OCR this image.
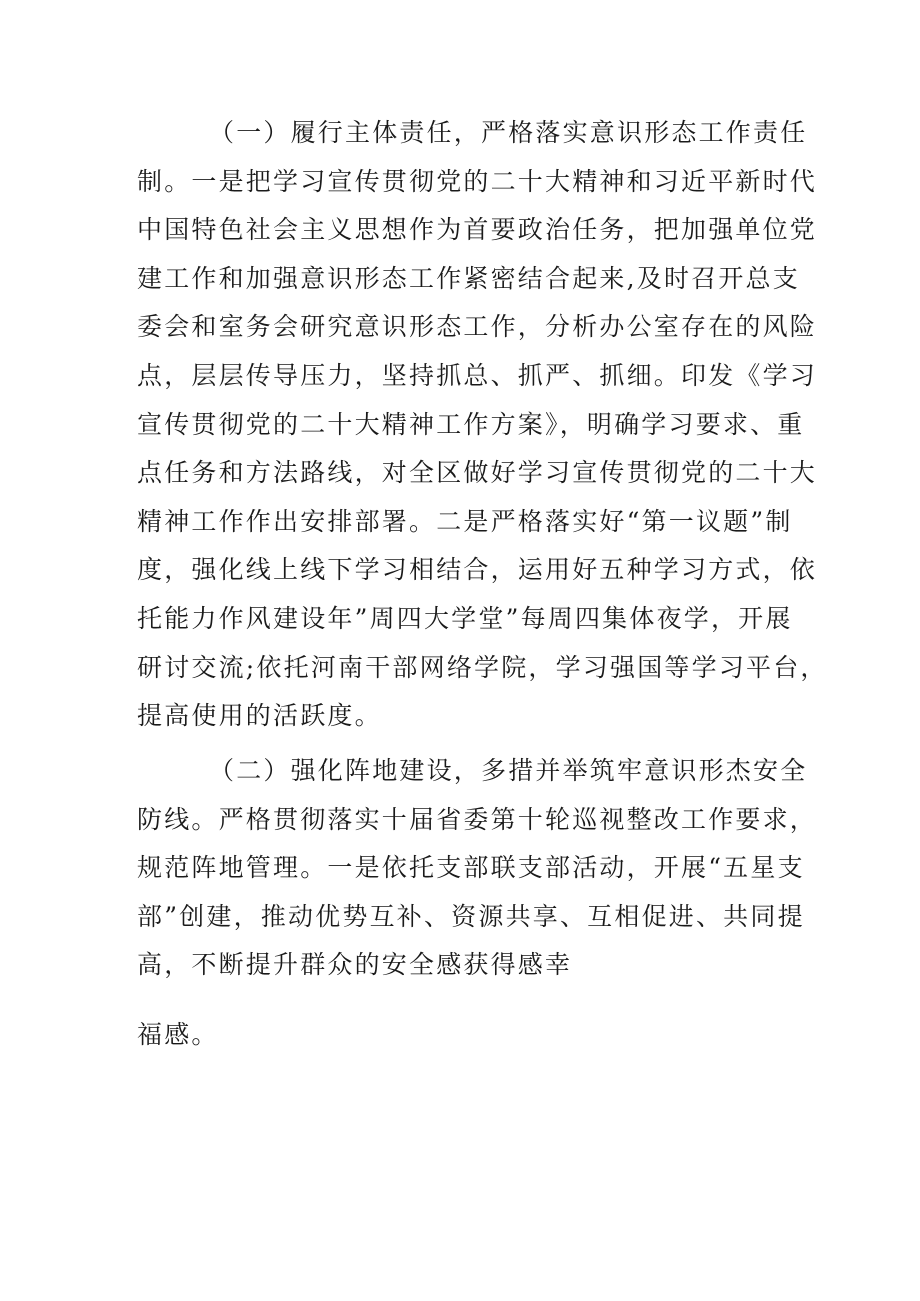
（一）履行主体责任，严格落实意识形态工作责任
制。一是把学习宣传贯彻党的二十大精神和习近平新时代
中国特色社会主义思想作为首要政治任务，把加强单位党
建工作和加强意识形态工作紧密结合起来,及时召开总支
委会和室务会研究意识形态工作，分析办公室存在的风险
点，层层传导压力，坚持抓总、抓严、抓细。印发《学习
宣传贯彻党的二十大精神工作方案》，明确学习要求、重
点任务和方法路线，对全区做好学习宣传贯彻党的二十大
精神工作作出安排部署。二是严格落实好“第一议题”制
度，强化线上线下学习相结合，运用好五种学习方式，依
托能力作风建设年”周四大学堂”每周四集体夜学，开展
研讨交流;依托河南干部网络学院，学习强国等学习平台，
提高使用的活跃度。
（二）强化阵地建设，多措并举筑牢意识形杰安全
防线。严格贯彻落实十届省委第十轮巡视整改工作要求，
规范阵地管理。一是依托支部联支部活动，开展“五星支
部”创建，推动优势互补、资源共享、互相促进、共同提
高，不断提升群众的安全感获得感幸
福感。
